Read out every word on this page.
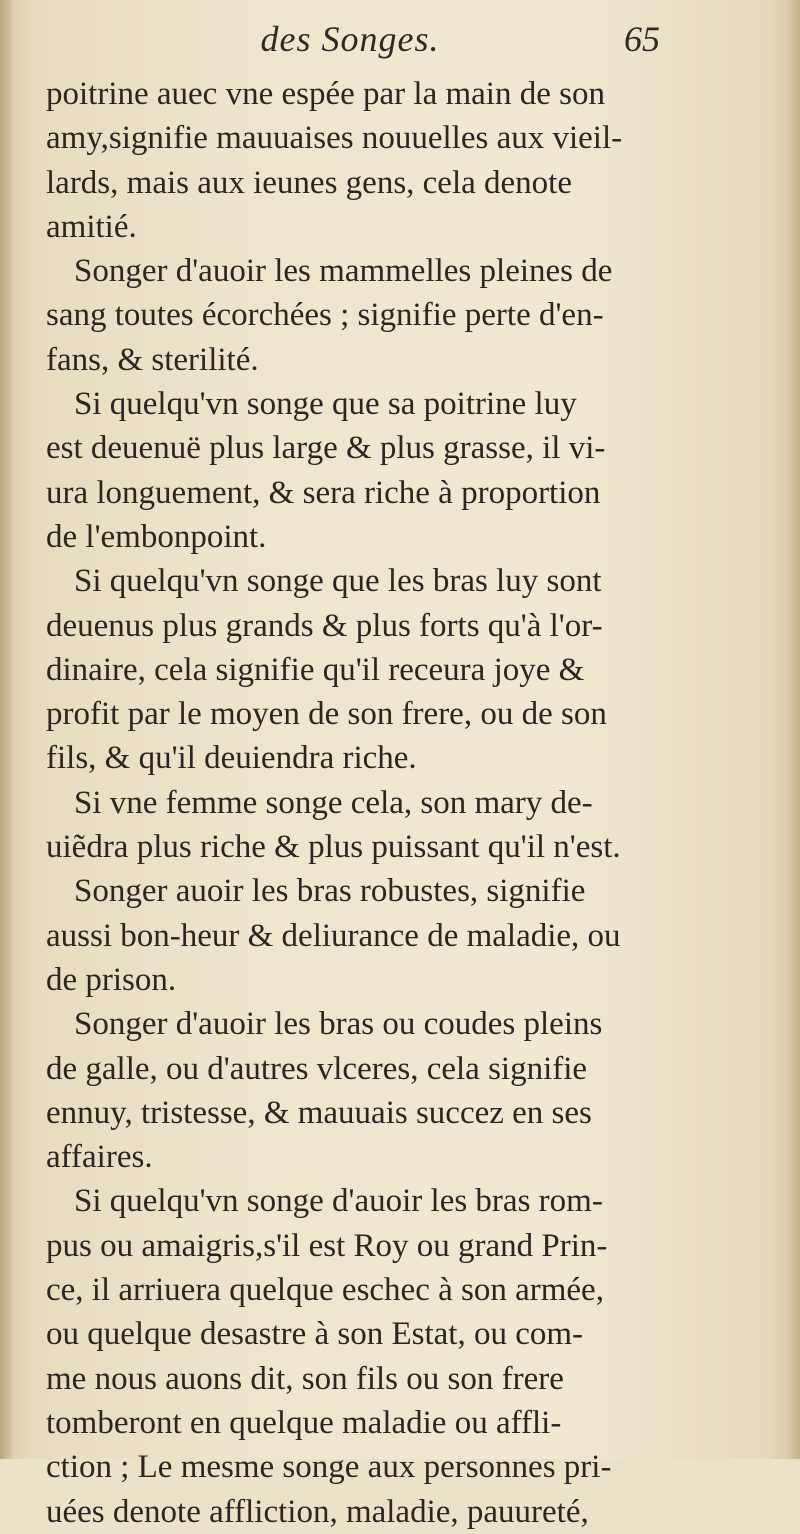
des Songes.	65
poitrine auec vne espée par la main de son
amy,signifie mauuaises nouuelles aux vieil-
lards, mais aux ieunes gens, cela denote
amitié.
Songer d'auoir les mammelles pleines de
sang toutes écorchées ; signifie perte d'en-
fans, & sterilité.
Si quelqu'vn songe que sa poitrine luy
est deuenuë plus large & plus grasse, il vi-
ura longuement, & sera riche à proportion
de l'embonpoint.
Si quelqu'vn songe que les bras luy sont
deuenus plus grands & plus forts qu'à l'or-
dinaire, cela signifie qu'il receura joye &
profit par le moyen de son frere, ou de son
fils, & qu'il deuiendra riche.
Si vne femme songe cela, son mary de-
uiẽdra plus riche & plus puissant qu'il n'est.
Songer auoir les bras robustes, signifie
aussi bon-heur & deliurance de maladie, ou
de prison.
Songer d'auoir les bras ou coudes pleins
de galle, ou d'autres vlceres, cela signifie
ennuy, tristesse, & mauuais succez en ses
affaires.
Si quelqu'vn songe d'auoir les bras rom-
pus ou amaigris,s'il est Roy ou grand Prin-
ce, il arriuera quelque eschec à son armée,
ou quelque desastre à son Estat, ou com-
me nous auons dit, son fils ou son frere
tomberont en quelque maladie ou affli-
ction ; Le mesme songe aux personnes pri-
uées denote affliction, maladie, pauureté,
